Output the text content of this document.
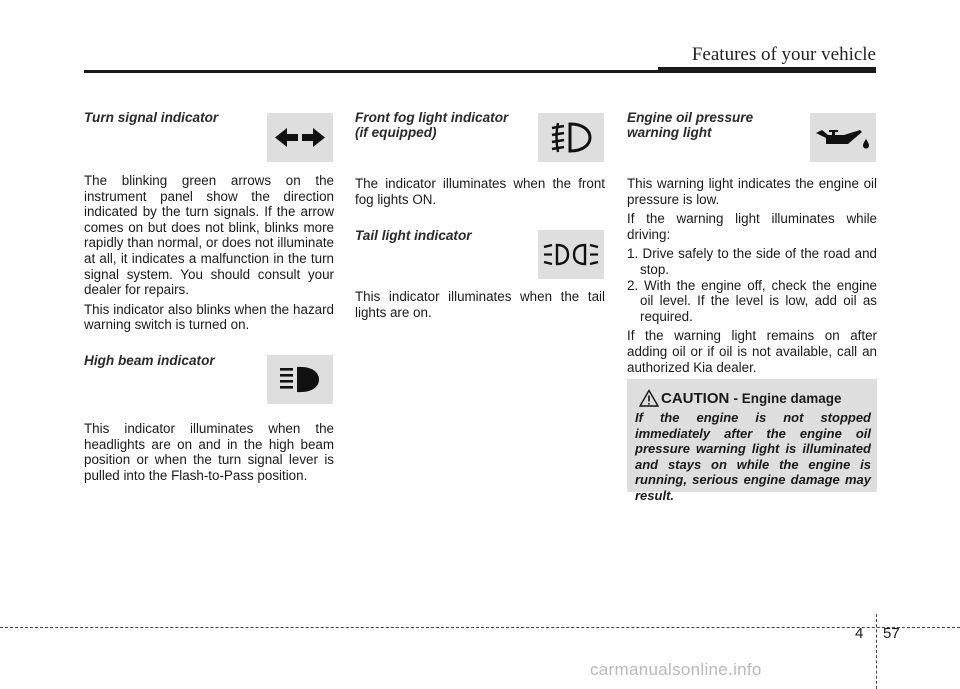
Features of your vehicle

Turn signal indicator

The blinking green arrows on the instrument panel show the direction indicated by the turn signals. If the arrow comes on but does not blink, blinks more rapidly than normal, or does not illuminate at all, it indicates a malfunction in the turn signal system. You should consult your dealer for repairs.

This indicator also blinks when the hazard warning switch is turned on.

High beam indicator

This indicator illuminates when the headlights are on and in the high beam position or when the turn signal lever is pulled into the Flash-to-Pass position.

Front fog light indicator

(if equipped)

The indicator illuminates when the front fog lights ON.

Tail light indicator

This indicator illuminates when the tail lights are on.

Engine oil pressure

warning light

This warning light indicates the engine oil pressure is low.

If the warning light illuminates while driving:

1. Drive safely to the side of the road and stop.
2. With the engine off, check the engine oil level. If the level is low, add oil as required.

If the warning light remains on after adding oil or if oil is not available, call an authorized Kia dealer.

CAUTION - Engine damage
If the engine is not stopped immediately after the engine oil pressure warning light is illuminated and stays on while the engine is running, serious engine damage may result.
4 57
carmanualsonline.info
